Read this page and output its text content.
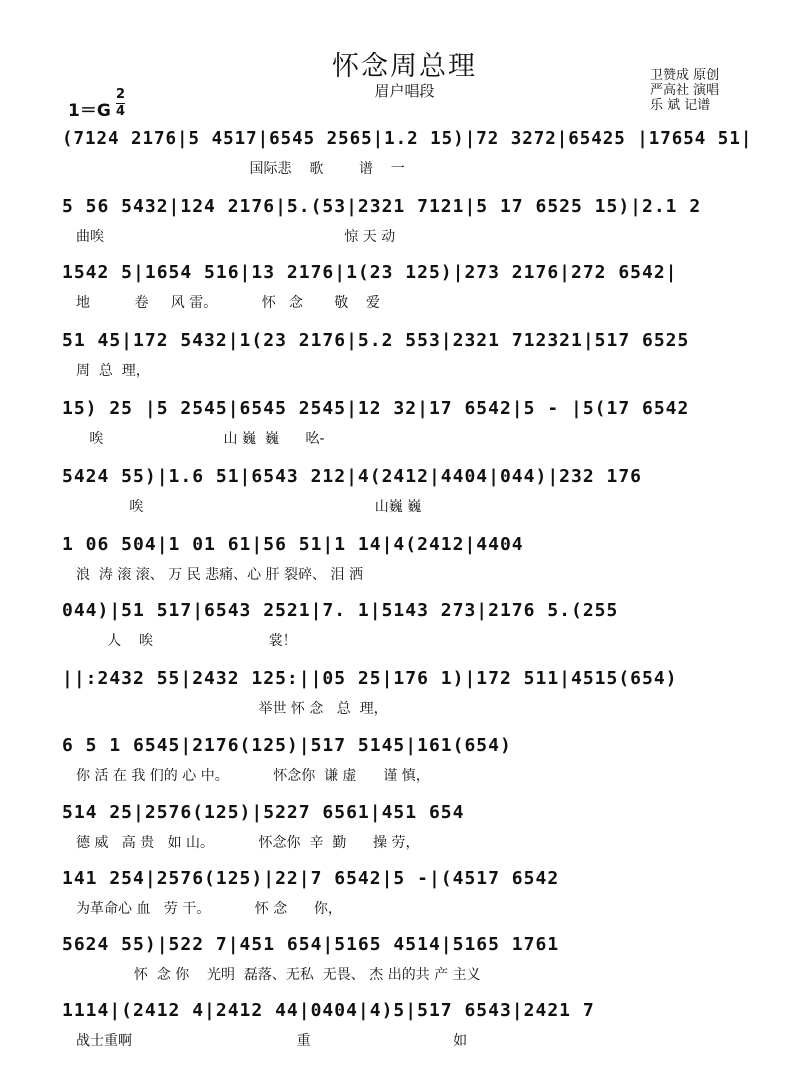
怀念周总理
眉户唱段
卫赞成 原创
严高社 演唱
乐 斌 记谱
1＝G
2
4
(7124 2176|5 4517|6545 2565|1.2 15)|72 3272|65425 |17654 51|
国际悲    歌        谱    一
5 56 5432|124 2176|5.(53|2321 7121|5 17 6525 15)|2.1 2
曲唉                                                      惊 天 动
1542 5|1654 516|13 2176|1(23 125)|273 2176|272 6542|
地          卷     风 雷。          怀   念       敬    爱
51 45|172 5432|1(23 2176|5.2 553|2321 712321|517 6525
周  总  理，
15) 25 |5 2545|6545 2545|12 32|17 6542|5 - |5(17 6542
唉                           山 巍  巍      吆-
5424 55)|1.6 51|6543 212|4(2412|4404|044)|232 176
唉                                                    山巍 巍
1 06 504|1 01 61|56 51|1 14|4(2412|4404
浪  涛 滚 滚、 万 民 悲痛、心 肝 裂碎、 泪 洒
044)|51 517|6543 2521|7. 1|5143 273|2176 5.(255
人    唉                          裳！
||:2432 55|2432 125:||05 25|176 1)|172 511|4515(654)
举世 怀 念   总  理，
6 5 1 6545|2176(125)|517 5145|161(654)
你 活 在 我 们的 心 中。          怀念你  谦 虚      谨 慎，
514 25|2576(125)|5227 6561|451 654
德 威   高 贵   如 山。          怀念你  辛  勤      操 劳，
141 254|2576(125)|22|7 6542|5 -|(4517 6542
为革命心 血   劳 干。          怀 念      你，
5624 55)|522 7|451 654|5165 4514|5165 1761
怀  念 你    光明  磊落、无私  无畏、 杰 出的共 产 主义
1114|(2412 4|2412 44|0404|4)5|517 6543|2421 7
战士重啊                                     重                                如
